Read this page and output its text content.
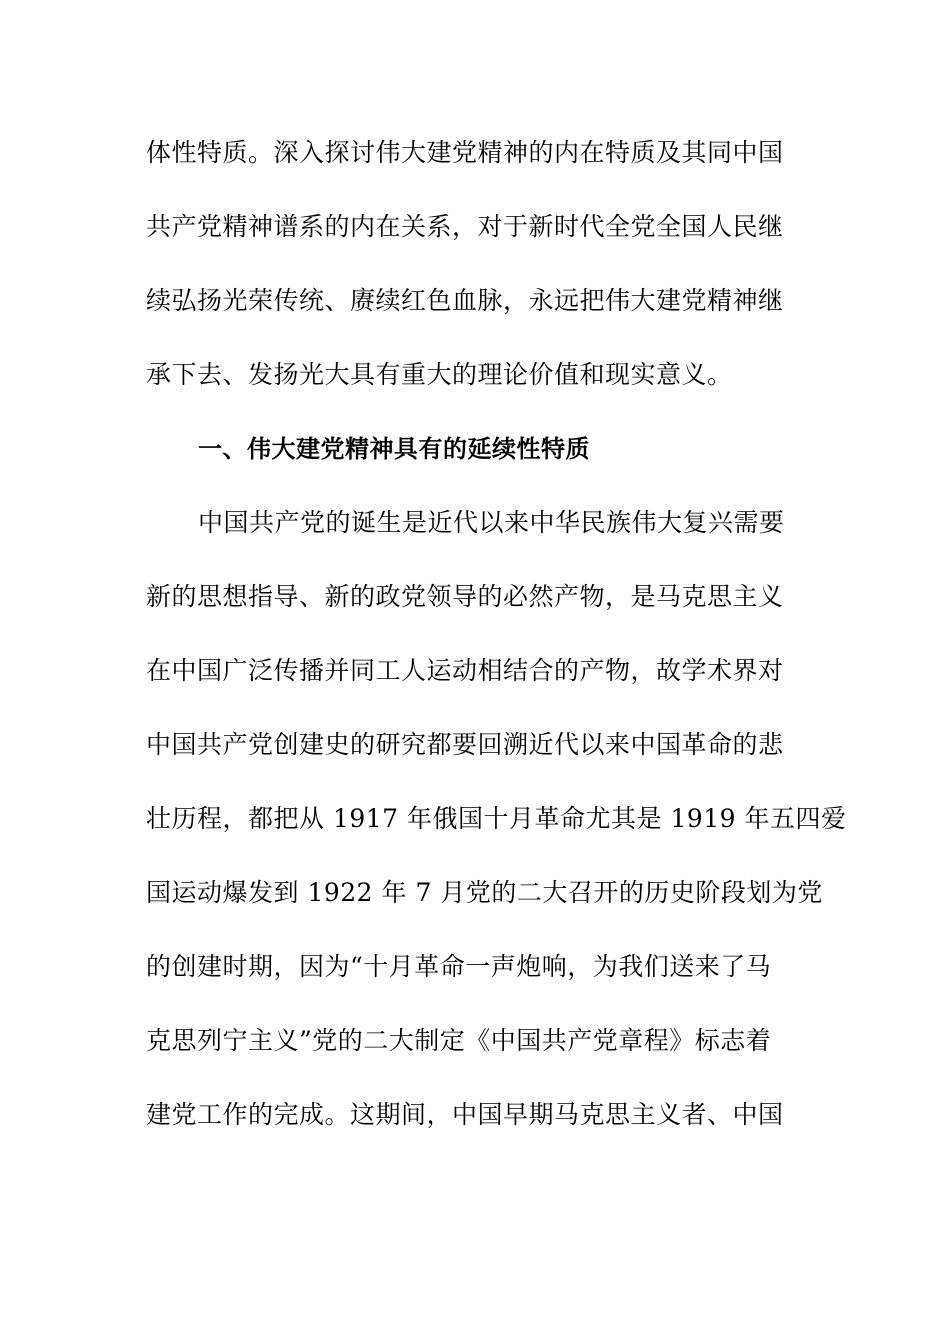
体性特质。深入探讨伟大建党精神的内在特质及其同中国
共产党精神谱系的内在关系，对于新时代全党全国人民继
续弘扬光荣传统、赓续红色血脉，永远把伟大建党精神继
承下去、发扬光大具有重大的理论价值和现实意义。
一、伟大建党精神具有的延续性特质
中国共产党的诞生是近代以来中华民族伟大复兴需要
新的思想指导、新的政党领导的必然产物，是马克思主义
在中国广泛传播并同工人运动相结合的产物，故学术界对
中国共产党创建史的研究都要回溯近代以来中国革命的悲
壮历程，都把从 1917 年俄国十月革命尤其是 1919 年五四爱
国运动爆发到 1922 年 7 月党的二大召开的历史阶段划为党
的创建时期，因为“十月革命一声炮响，为我们送来了马
克思列宁主义”党的二大制定《中国共产党章程》标志着
建党工作的完成。这期间，中国早期马克思主义者、中国
